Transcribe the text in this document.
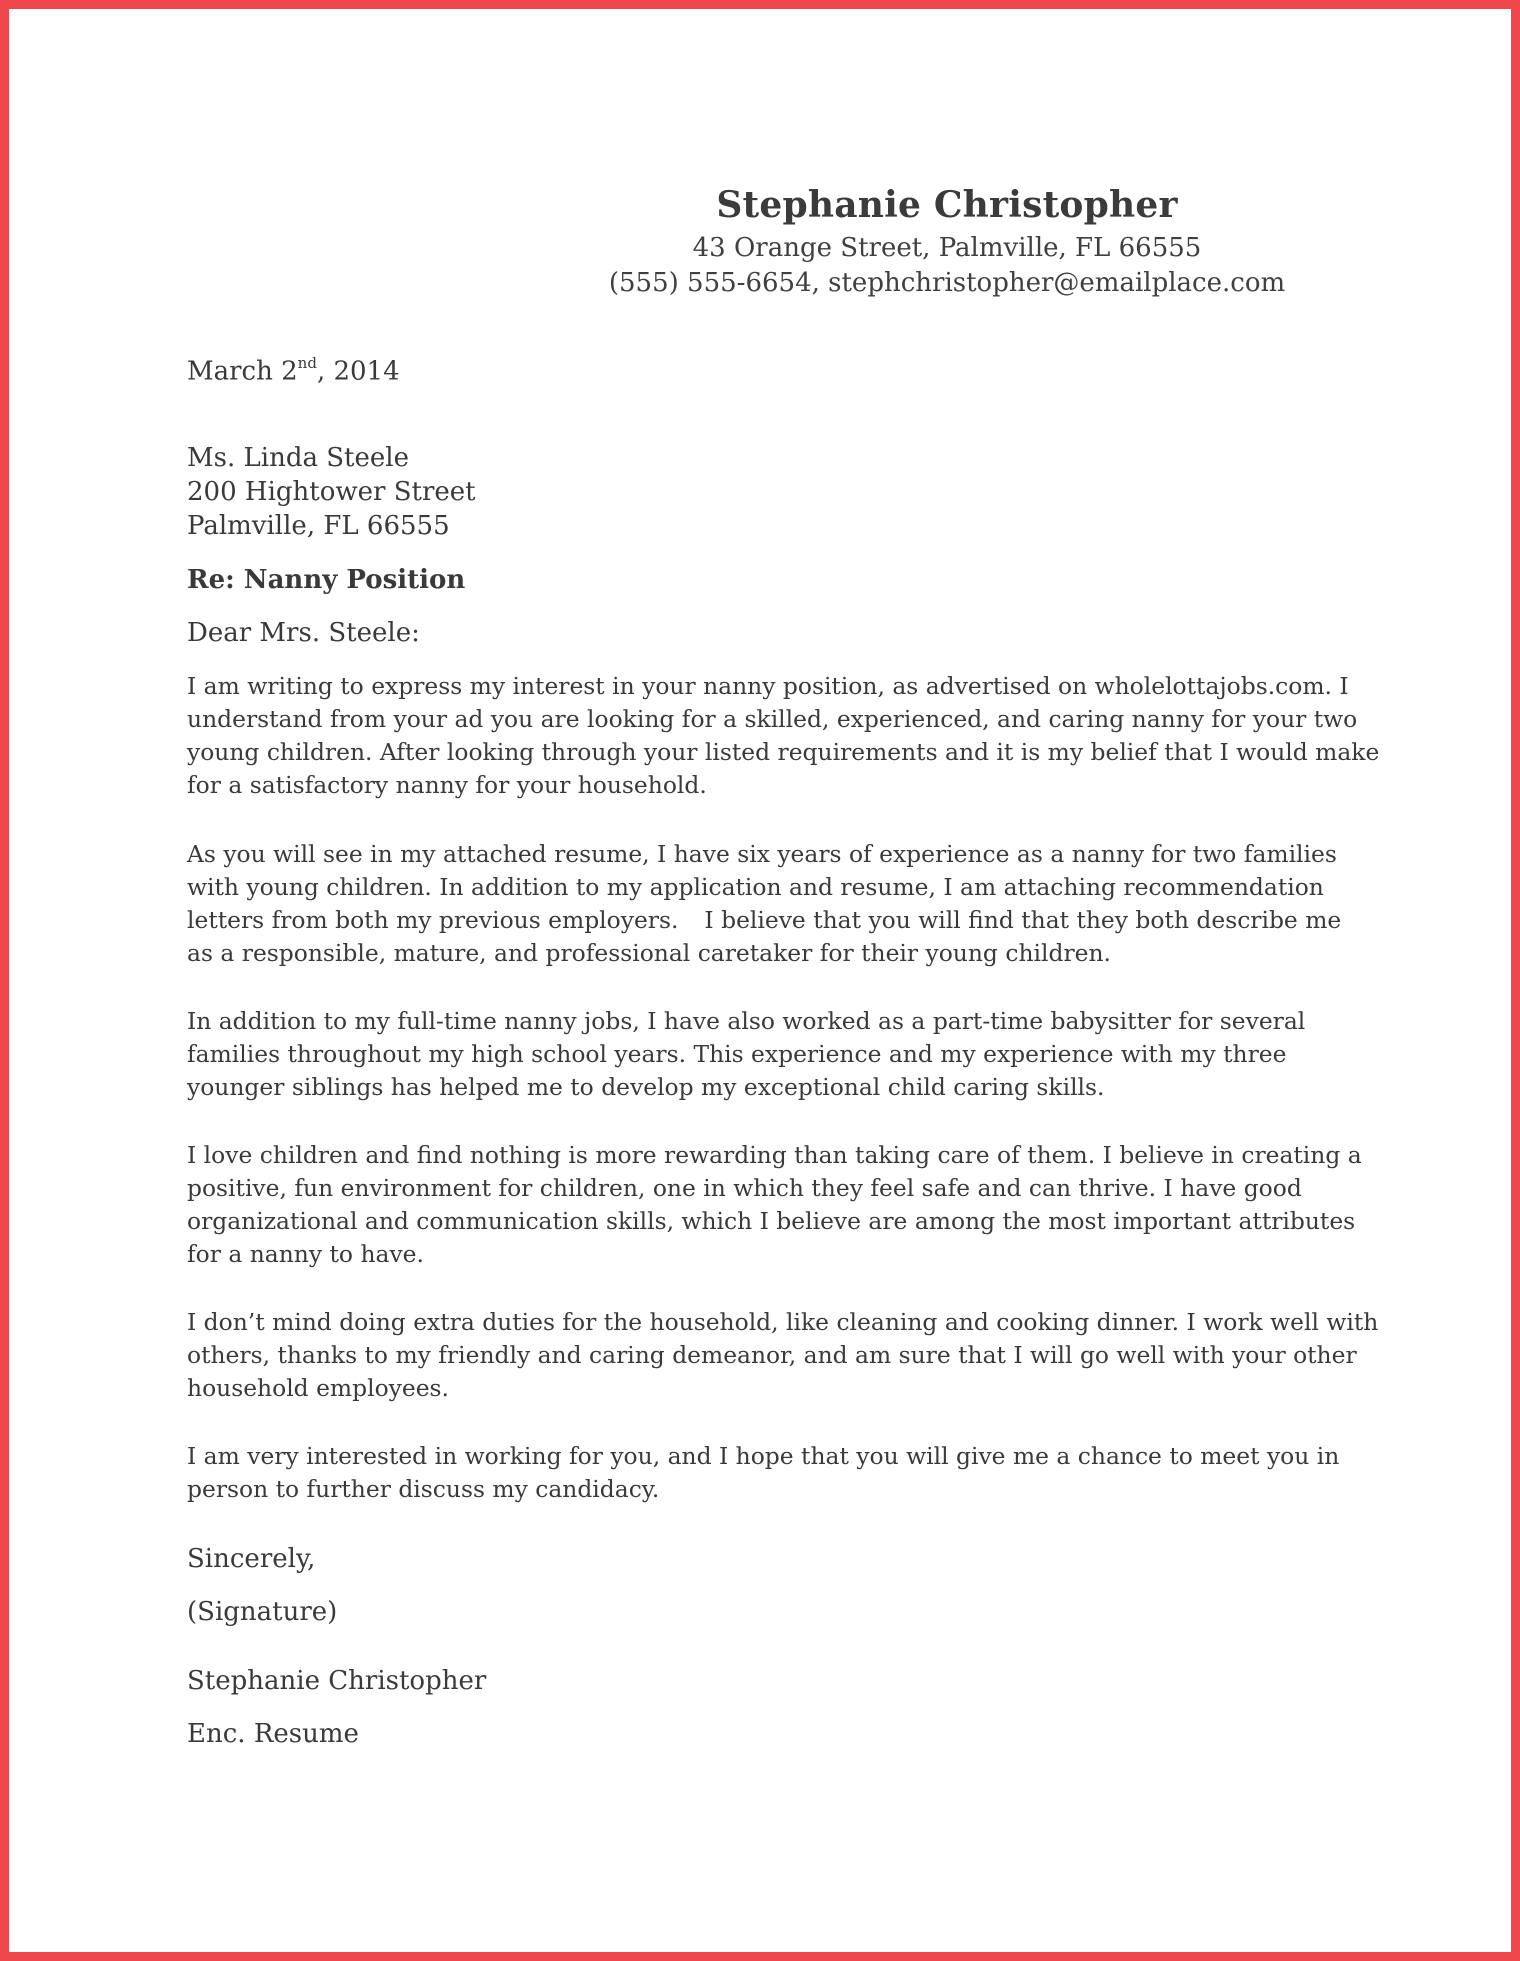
Stephanie Christopher
43 Orange Street, Palmville, FL 66555
(555) 555-6654, stephchristopher@emailplace.com
March 2nd, 2014
Ms. Linda Steele
200 Hightower Street
Palmville, FL 66555
Re: Nanny Position
Dear Mrs. Steele:
I am writing to express my interest in your nanny position, as advertised on wholelottajobs.com. I
understand from your ad you are looking for a skilled, experienced, and caring nanny for your two
young children. After looking through your listed requirements and it is my belief that I would make
for a satisfactory nanny for your household.
As you will see in my attached resume, I have six years of experience as a nanny for two families
with young children. In addition to my application and resume, I am attaching recommendation
letters from both my previous employers. I believe that you will find that they both describe me
as a responsible, mature, and professional caretaker for their young children.
In addition to my full-time nanny jobs, I have also worked as a part-time babysitter for several
families throughout my high school years. This experience and my experience with my three
younger siblings has helped me to develop my exceptional child caring skills.
I love children and find nothing is more rewarding than taking care of them. I believe in creating a
positive, fun environment for children, one in which they feel safe and can thrive. I have good
organizational and communication skills, which I believe are among the most important attributes
for a nanny to have.
I don’t mind doing extra duties for the household, like cleaning and cooking dinner. I work well with
others, thanks to my friendly and caring demeanor, and am sure that I will go well with your other
household employees.
I am very interested in working for you, and I hope that you will give me a chance to meet you in
person to further discuss my candidacy.
Sincerely,
(Signature)
Stephanie Christopher
Enc. Resume
